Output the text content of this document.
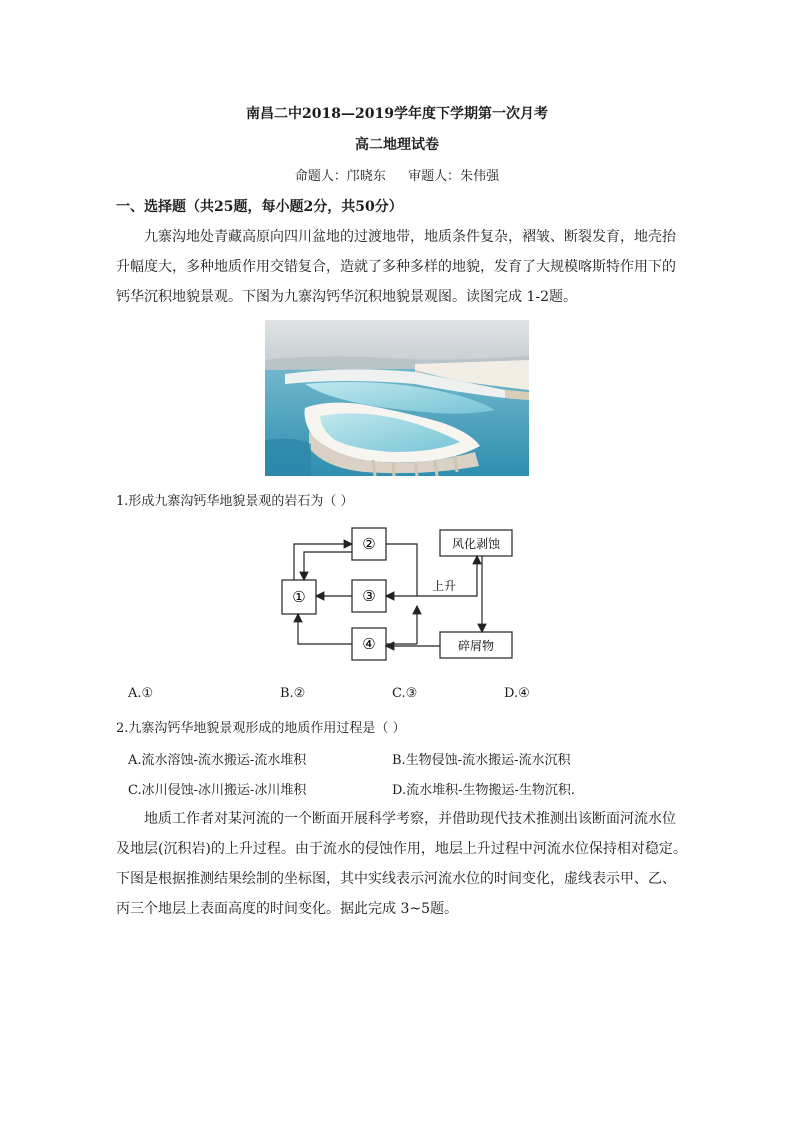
南昌二中2018—2019学年度下学期第一次月考
高二地理试卷
命题人：邝晓东 审题人：朱伟强
一、选择题（共25题，每小题2分，共50分）
九寨沟地处青藏高原向四川盆地的过渡地带，地质条件复杂，褶皱、断裂发育，地壳抬
升幅度大，多种地质作用交错复合，造就了多种多样的地貌，发育了大规模喀斯特作用下的
钙华沉积地貌景观。下图为九寨沟钙华沉积地貌景观图。读图完成 1-2题。
1.形成九寨沟钙华地貌景观的岩石为（ ）
①
②
③
④
风化剥蚀
碎屑物
上升
A.①	B.②	C.③	D.④
2.九寨沟钙华地貌景观形成的地质作用过程是（ ）
A.流水溶蚀-流水搬运-流水堆积	B.生物侵蚀-流水搬运-流水沉积
C.冰川侵蚀-冰川搬运-冰川堆积	D.流水堆积-生物搬运-生物沉积.
地质工作者对某河流的一个断面开展科学考察，并借助现代技术推测出该断面河流水位
及地层(沉积岩)的上升过程。由于流水的侵蚀作用，地层上升过程中河流水位保持相对稳定。
下图是根据推测结果绘制的坐标图，其中实线表示河流水位的时间变化，虚线表示甲、乙、
丙三个地层上表面高度的时间变化。据此完成 3~5题。
